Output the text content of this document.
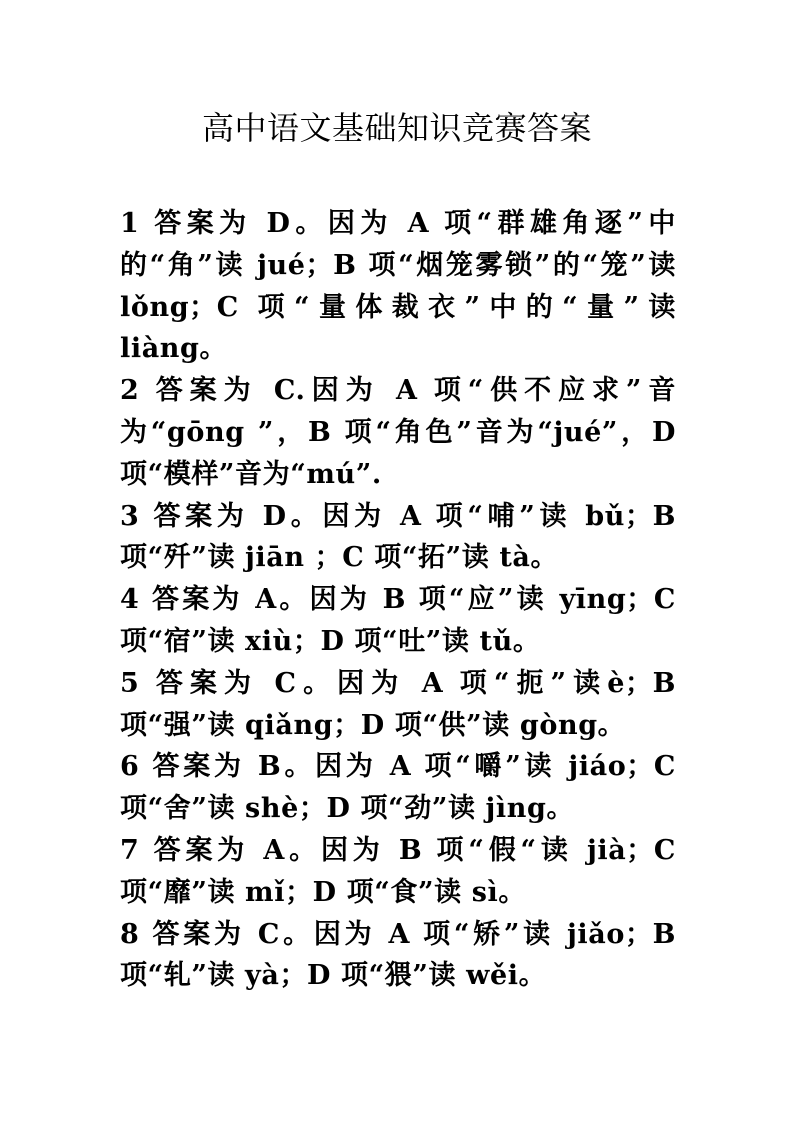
高中语文基础知识竞赛答案

1 答案为 D。因为 A 项“群雄角逐”中的“角”读 jué；B 项“烟笼雾锁”的“笼”读 lǒng；C 项“量体裁衣”中的“量”读 liàng。

2 答案为 C.因为 A 项“供不应求”音为“gōng ”，B 项“角色”音为“jué”，D 项“模样”音为“mú”.

3 答案为 D。因为 A 项“哺”读 bǔ；B 项“歼”读 jiān ；C 项“拓”读 tà。

4 答案为 A。因为 B 项“应”读 yīng；C 项“宿”读 xiù；D 项“吐”读 tǔ。

5 答案为 C。因为 A 项“扼”读è；B 项“强”读 qiǎng；D 项“供”读 gòng。

6 答案为 B。因为 A 项“嚼”读 jiáo；C 项“舍”读 shè；D 项“劲”读 jìng。

7 答案为 A。因为 B 项“假“读 jià；C 项“靡”读 mǐ；D 项“食”读 sì。

8 答案为 C。因为 A 项“矫”读 jiǎo；B 项“轧”读 yà；D 项“猥”读 wěi。
